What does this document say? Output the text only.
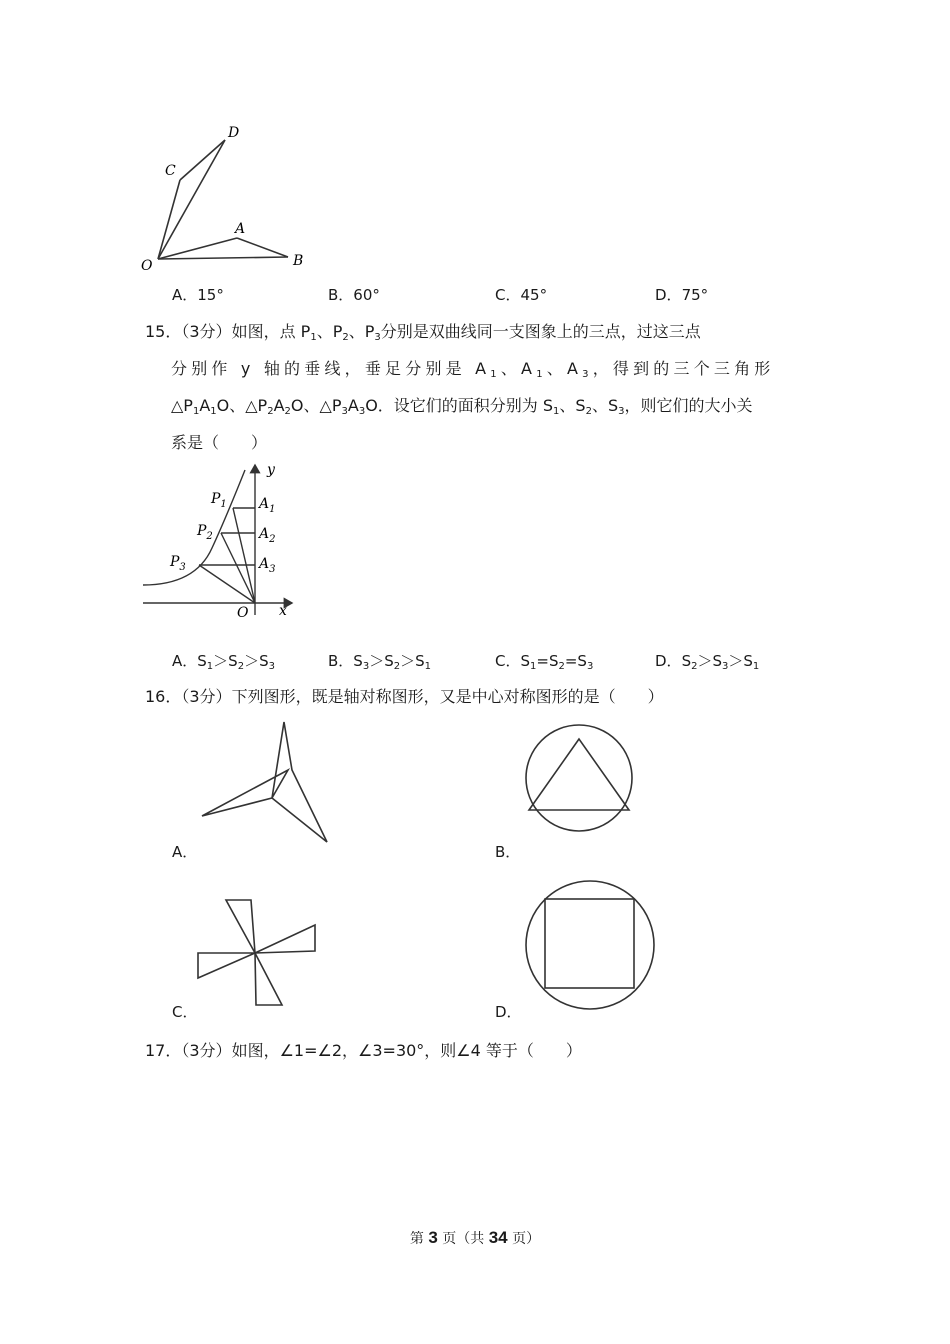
D
C
A
O	B
A．15°	B．60°	C．45°	D．75°
15．（3分）如图，点 $P_1$、$P_2$、$P_3$分别是双曲线同一支图象上的三点，过这三点
分别作 y 轴的垂线，垂足分别是 $A_1$、$A_1$、$A_3$，得到的三个三角形
$\triangle P_1A_1O$、$\triangle P_2A_2O$、$\triangle P_3A_3O$．设它们的面积分别为 $S_1$、$S_2$、$S_3$，则它们的大小关
系是（　　）
y
x
O
$P_1$
$P_2$
$P_3$
$A_1$
$A_2$
$A_3$
A．$S_1>S_2>S_3$	B．$S_3>S_2>S_1$	C．$S_1=S_2=S_3$	D．$S_2>S_3>S_1$
16．（3分）下列图形，既是轴对称图形，又是中心对称图形的是（　　）
A．	B．
C．	D．
17．（3分）如图，∠1=∠2，∠3=30°，则∠4 等于（　　）
第 3 页（共 34 页）
